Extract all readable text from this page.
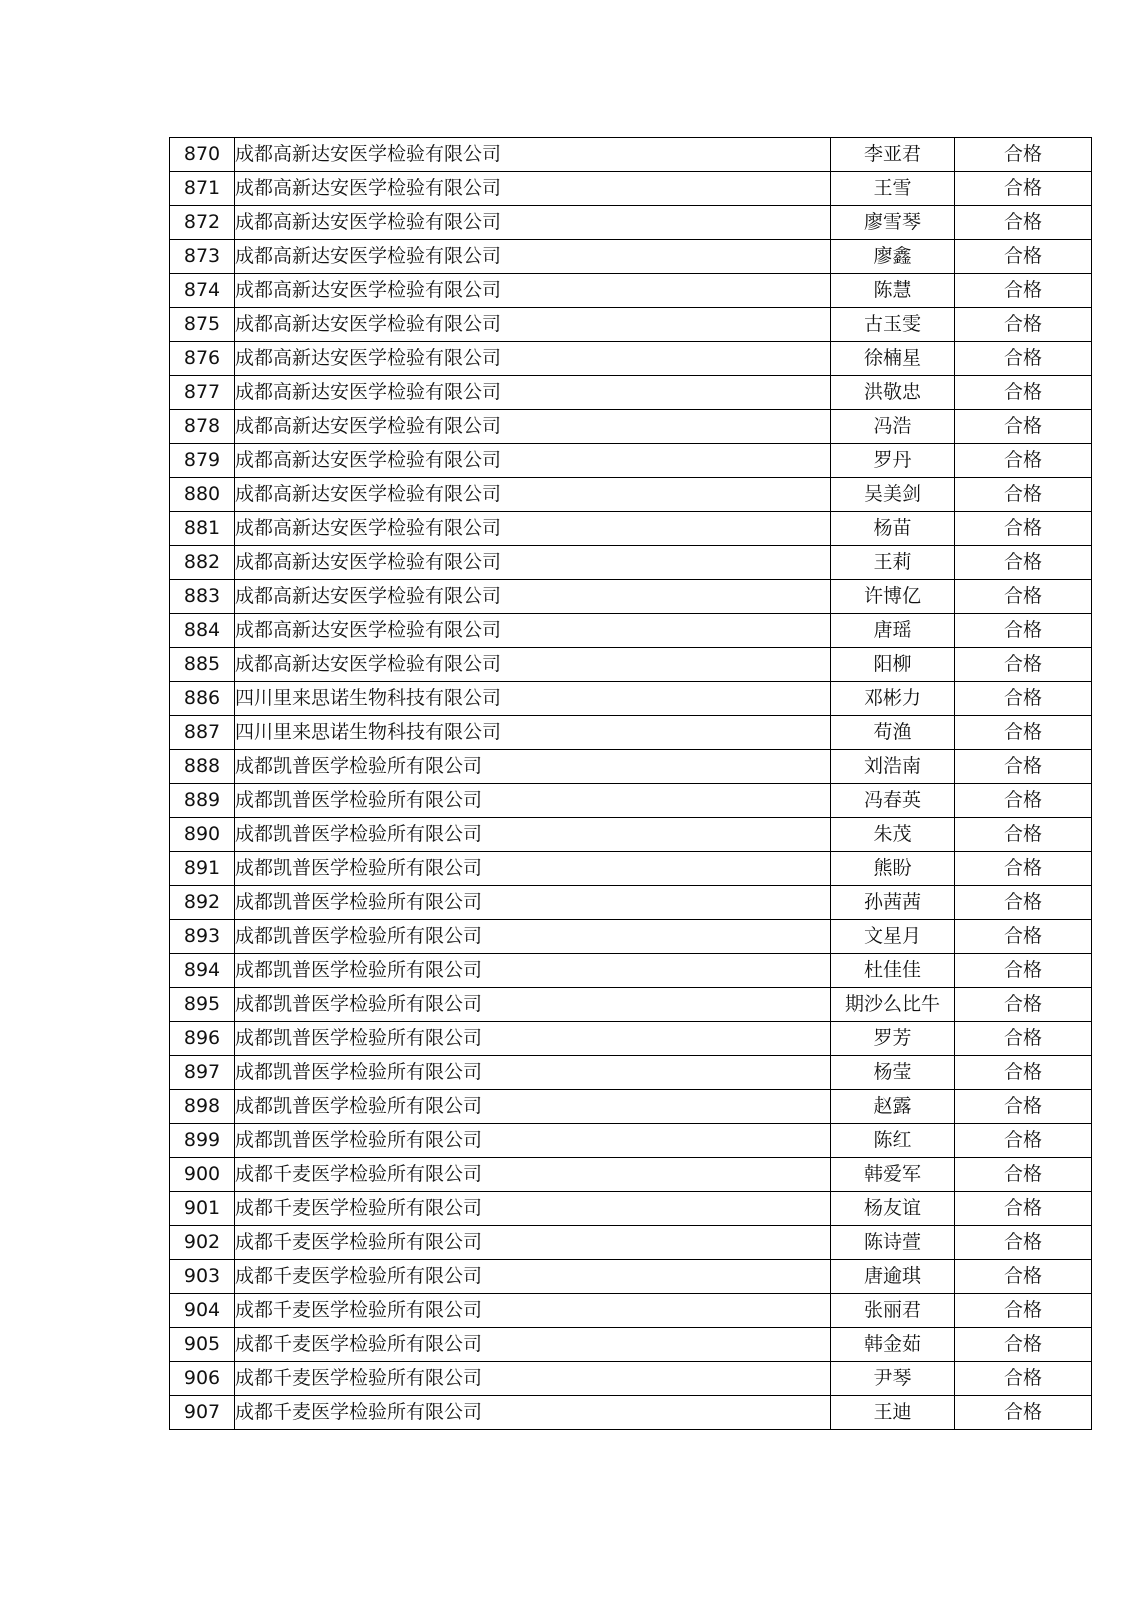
870	成都高新达安医学检验有限公司	李亚君	合格
871	成都高新达安医学检验有限公司	王雪	合格
872	成都高新达安医学检验有限公司	廖雪琴	合格
873	成都高新达安医学检验有限公司	廖鑫	合格
874	成都高新达安医学检验有限公司	陈慧	合格
875	成都高新达安医学检验有限公司	古玉雯	合格
876	成都高新达安医学检验有限公司	徐楠星	合格
877	成都高新达安医学检验有限公司	洪敬忠	合格
878	成都高新达安医学检验有限公司	冯浩	合格
879	成都高新达安医学检验有限公司	罗丹	合格
880	成都高新达安医学检验有限公司	吴美剑	合格
881	成都高新达安医学检验有限公司	杨苗	合格
882	成都高新达安医学检验有限公司	王莉	合格
883	成都高新达安医学检验有限公司	许博亿	合格
884	成都高新达安医学检验有限公司	唐瑶	合格
885	成都高新达安医学检验有限公司	阳柳	合格
886	四川里来思诺生物科技有限公司	邓彬力	合格
887	四川里来思诺生物科技有限公司	苟渔	合格
888	成都凯普医学检验所有限公司	刘浩南	合格
889	成都凯普医学检验所有限公司	冯春英	合格
890	成都凯普医学检验所有限公司	朱茂	合格
891	成都凯普医学检验所有限公司	熊盼	合格
892	成都凯普医学检验所有限公司	孙茜茜	合格
893	成都凯普医学检验所有限公司	文星月	合格
894	成都凯普医学检验所有限公司	杜佳佳	合格
895	成都凯普医学检验所有限公司	期沙么比牛	合格
896	成都凯普医学检验所有限公司	罗芳	合格
897	成都凯普医学检验所有限公司	杨莹	合格
898	成都凯普医学检验所有限公司	赵露	合格
899	成都凯普医学检验所有限公司	陈红	合格
900	成都千麦医学检验所有限公司	韩爱军	合格
901	成都千麦医学检验所有限公司	杨友谊	合格
902	成都千麦医学检验所有限公司	陈诗萱	合格
903	成都千麦医学检验所有限公司	唐逾琪	合格
904	成都千麦医学检验所有限公司	张丽君	合格
905	成都千麦医学检验所有限公司	韩金茹	合格
906	成都千麦医学检验所有限公司	尹琴	合格
907	成都千麦医学检验所有限公司	王迪	合格
